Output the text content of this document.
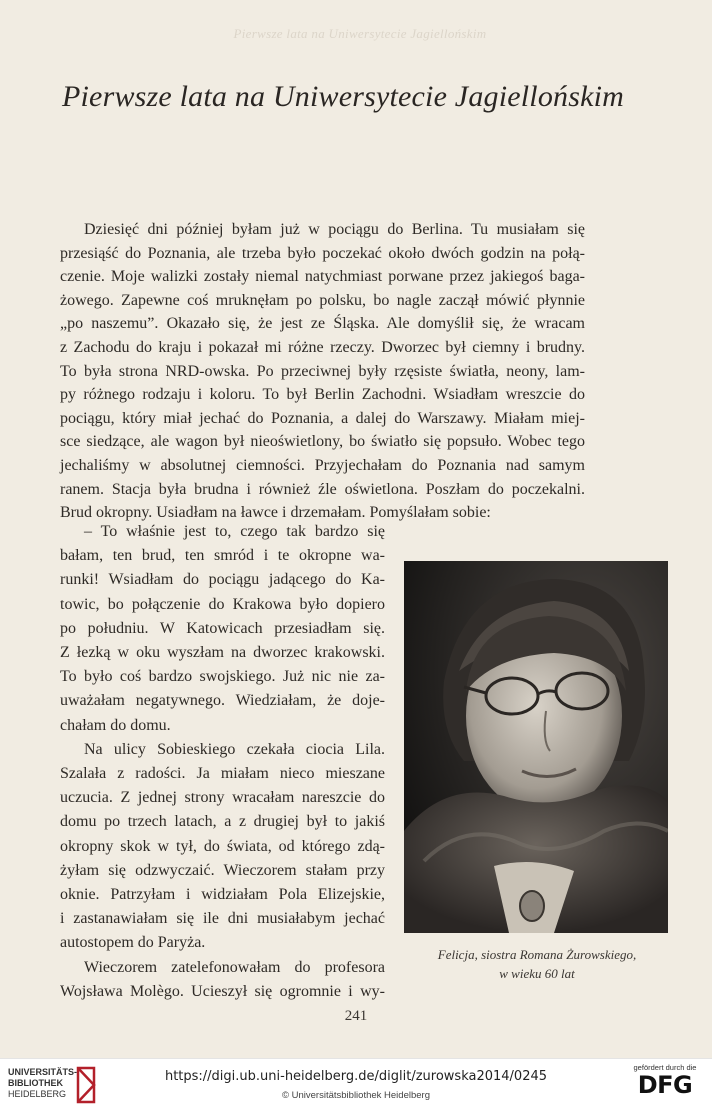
Pierwsze lata na Uniwersytecie Jagiellońskim
Pierwsze lata na Uniwersytecie Jagiellońskim

Dziesięć dni później byłam już w pociągu do Berlina. Tu musiałam się

przesiąść do Poznania, ale trzeba było poczekać około dwóch godzin na połą-

czenie. Moje walizki zostały niemal natychmiast porwane przez jakiegoś baga-

żowego. Zapewne coś mruknęłam po polsku, bo nagle zaczął mówić płynnie

„po naszemu”. Okazało się, że jest ze Śląska. Ale domyślił się, że wracam

z Zachodu do kraju i pokazał mi różne rzeczy. Dworzec był ciemny i brudny.

To była strona NRD-owska. Po przeciwnej były rzęsiste światła, neony, lam-

py różnego rodzaju i koloru. To był Berlin Zachodni. Wsiadłam wreszcie do

pociągu, który miał jechać do Poznania, a dalej do Warszawy. Miałam miej-

sce siedzące, ale wagon był nieoświetlony, bo światło się popsuło. Wobec tego

jechaliśmy w absolutnej ciemności. Przyjechałam do Poznania nad samym

ranem. Stacja była brudna i również źle oświetlona. Poszłam do poczekalni.

Brud okropny. Usiadłam na ławce i drzemałam. Pomyślałam sobie:

– To właśnie jest to, czego tak bardzo się

bałam, ten brud, ten smród i te okropne wa-

runki! Wsiadłam do pociągu jadącego do Ka-

towic, bo połączenie do Krakowa było dopiero

po południu. W Katowicach przesiadłam się.

Z łezką w oku wyszłam na dworzec krakowski.

To było coś bardzo swojskiego. Już nic nie za-

uważałam negatywnego. Wiedziałam, że doje-

chałam do domu.

Na ulicy Sobieskiego czekała ciocia Lila.

Szalała z radości. Ja miałam nieco mieszane

uczucia. Z jednej strony wracałam nareszcie do

domu po trzech latach, a z drugiej był to jakiś

okropny skok w tył, do świata, od którego zdą-

żyłam się odzwyczaić. Wieczorem stałam przy

oknie. Patrzyłam i widziałam Pola Elizejskie,

i zastanawiałam się ile dni musiałabym jechać

autostopem do Paryża.

Wieczorem zatelefonowałam do profesora

Wojsława Molègo. Ucieszył się ogromnie i wy-

Felicja, siostra Romana Żurowskiego,
w wieku 60 lat
241
UNIVERSITÄTS-
BIBLIOTHEK
HEIDELBERG
https://digi.ub.uni-heidelberg.de/diglit/zurowska2014/0245
© Universitätsbibliothek Heidelberg
gefördert durch die
DFG
